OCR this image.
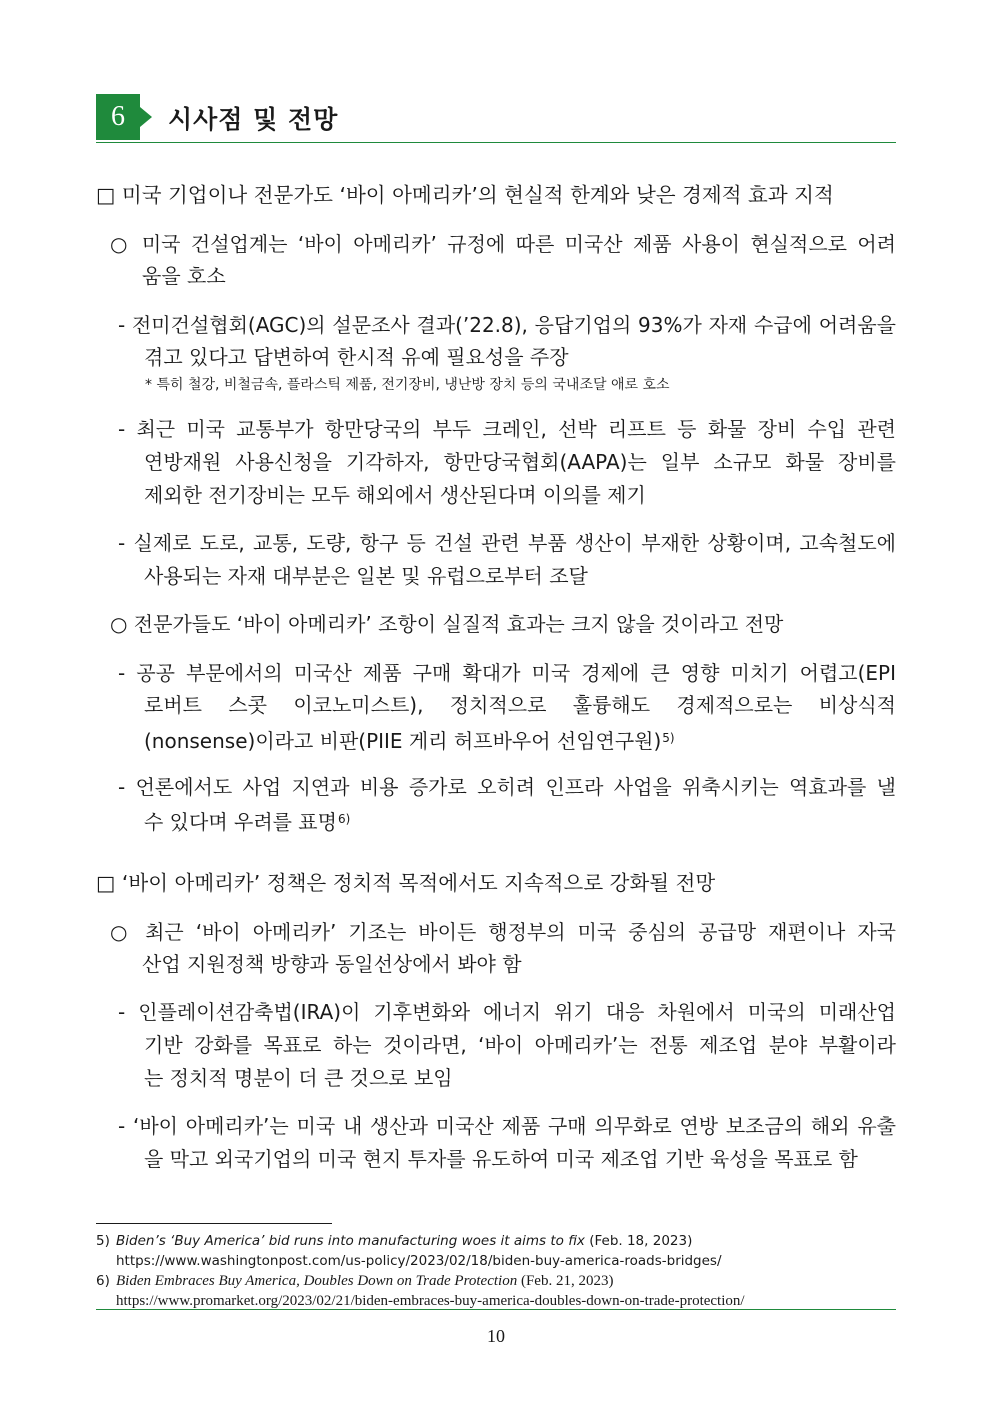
6	시사점 및 전망
□ 미국 기업이나 전문가도 ‘바이 아메리카’의 현실적 한계와 낮은 경제적 효과 지적
○ 미국 건설업계는 ‘바이 아메리카’ 규정에 따른 미국산 제품 사용이 현실적으로 어려
움을 호소
- 전미건설협회(AGC)의 설문조사 결과(’22.8), 응답기업의 93%가 자재 수급에 어려움을
겪고 있다고 답변하여 한시적 유예 필요성을 주장
* 특히 철강, 비철금속, 플라스틱 제품, 전기장비, 냉난방 장치 등의 국내조달 애로 호소
- 최근 미국 교통부가 항만당국의 부두 크레인, 선박 리프트 등 화물 장비 수입 관련
연방재원 사용신청을 기각하자, 항만당국협회(AAPA)는 일부 소규모 화물 장비를
제외한 전기장비는 모두 해외에서 생산된다며 이의를 제기
- 실제로 도로, 교통, 도량, 항구 등 건설 관련 부품 생산이 부재한 상황이며, 고속철도에
사용되는 자재 대부분은 일본 및 유럽으로부터 조달
○ 전문가들도 ‘바이 아메리카’ 조항이 실질적 효과는 크지 않을 것이라고 전망
- 공공 부문에서의 미국산 제품 구매 확대가 미국 경제에 큰 영향 미치기 어렵고(EPI
로버트 스콧 이코노미스트), 정치적으로 훌륭해도 경제적으로는 비상식적
(nonsense)이라고 비판(PIIE 게리 허프바우어 선임연구원)$^{5)}$
- 언론에서도 사업 지연과 비용 증가로 오히려 인프라 사업을 위축시키는 역효과를 낼
수 있다며 우려를 표명$^{6)}$
□ ‘바이 아메리카’ 정책은 정치적 목적에서도 지속적으로 강화될 전망
○ 최근 ‘바이 아메리카’ 기조는 바이든 행정부의 미국 중심의 공급망 재편이나 자국
산업 지원정책 방향과 동일선상에서 봐야 함
- 인플레이션감축법(IRA)이 기후변화와 에너지 위기 대응 차원에서 미국의 미래산업
기반 강화를 목표로 하는 것이라면, ‘바이 아메리카’는 전통 제조업 분야 부활이라
는 정치적 명분이 더 큰 것으로 보임
- ‘바이 아메리카’는 미국 내 생산과 미국산 제품 구매 의무화로 연방 보조금의 해외 유출
을 막고 외국기업의 미국 현지 투자를 유도하여 미국 제조업 기반 육성을 목표로 함
5) Biden’s ‘Buy America’ bid runs into manufacturing woes it aims to fix (Feb. 18, 2023)
https://www.washingtonpost.com/us-policy/2023/02/18/biden-buy-america-roads-bridges/
6) Biden Embraces Buy America, Doubles Down on Trade Protection (Feb. 21, 2023)
https://www.promarket.org/2023/02/21/biden-embraces-buy-america-doubles-down-on-trade-protection/
10
